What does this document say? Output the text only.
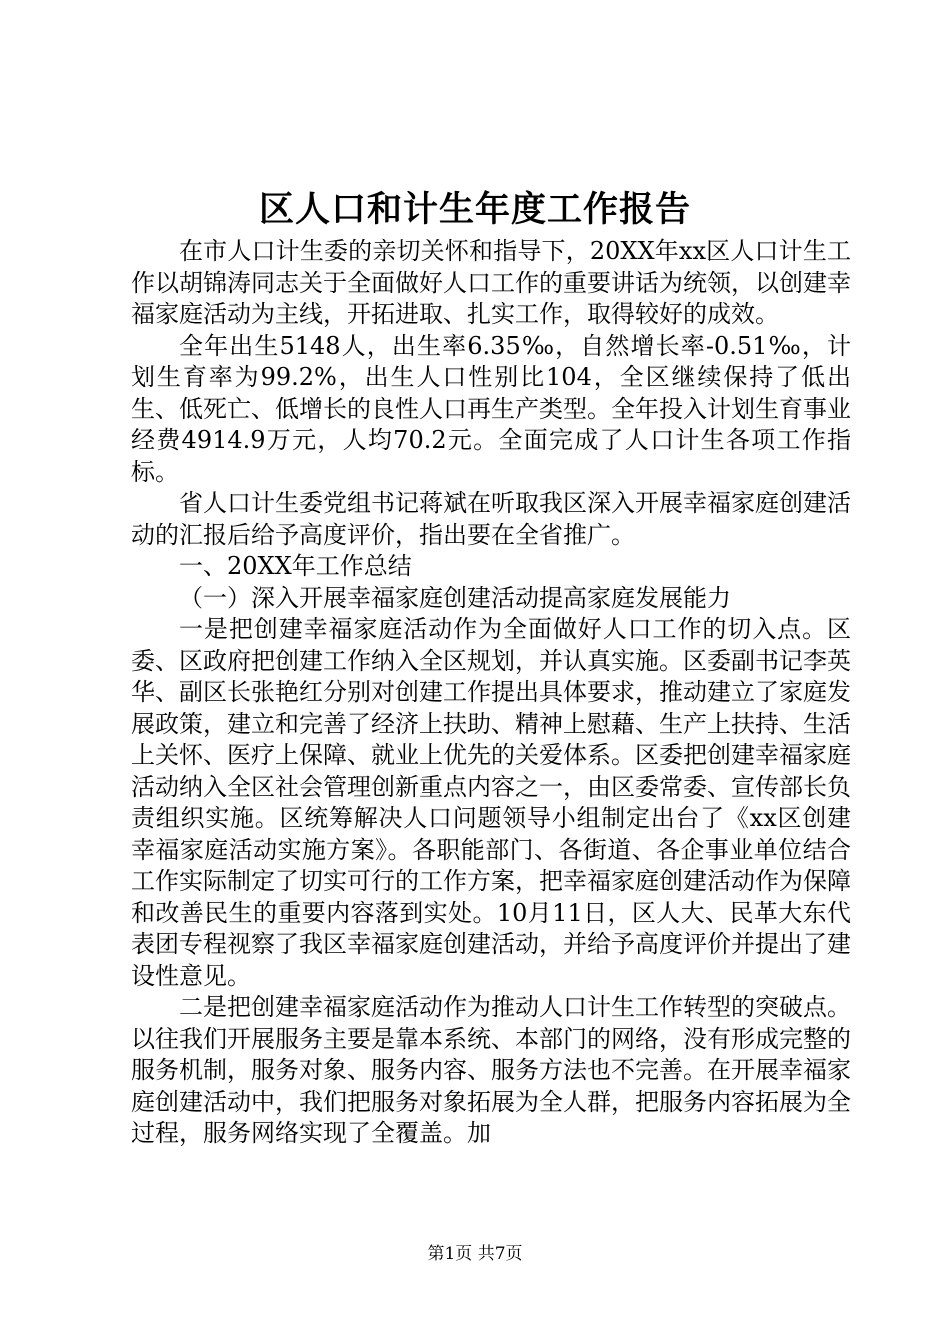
区人口和计生年度工作报告

在市人口计生委的亲切关怀和指导下，20XX年xx区人口计生工作以胡锦涛同志关于全面做好人口工作的重要讲话为统领，以创建幸福家庭活动为主线，开拓进取、扎实工作，取得较好的成效。

全年出生5148人，出生率6.35‰，自然增长率-0.51‰，计划生育率为99.2%，出生人口性别比104，全区继续保持了低出生、低死亡、低增长的良性人口再生产类型。全年投入计划生育事业经费4914.9万元，人均70.2元。全面完成了人口计生各项工作指标。

省人口计生委党组书记蒋斌在听取我区深入开展幸福家庭创建活动的汇报后给予高度评价，指出要在全省推广。

一、20XX年工作总结

（一）深入开展幸福家庭创建活动提高家庭发展能力

一是把创建幸福家庭活动作为全面做好人口工作的切入点。区委、区政府把创建工作纳入全区规划，并认真实施。区委副书记李英华、副区长张艳红分别对创建工作提出具体要求，推动建立了家庭发展政策，建立和完善了经济上扶助、精神上慰藉、生产上扶持、生活上关怀、医疗上保障、就业上优先的关爱体系。区委把创建幸福家庭活动纳入全区社会管理创新重点内容之一，由区委常委、宣传部长负责组织实施。区统筹解决人口问题领导小组制定出台了《xx区创建幸福家庭活动实施方案》。各职能部门、各街道、各企事业单位结合工作实际制定了切实可行的工作方案，把幸福家庭创建活动作为保障和改善民生的重要内容落到实处。10月11日，区人大、民革大东代表团专程视察了我区幸福家庭创建活动，并给予高度评价并提出了建设性意见。

二是把创建幸福家庭活动作为推动人口计生工作转型的突破点。以往我们开展服务主要是靠本系统、本部门的网络，没有形成完整的服务机制，服务对象、服务内容、服务方法也不完善。在开展幸福家庭创建活动中，我们把服务对象拓展为全人群，把服务内容拓展为全过程，服务网络实现了全覆盖。加

第1页 共7页
